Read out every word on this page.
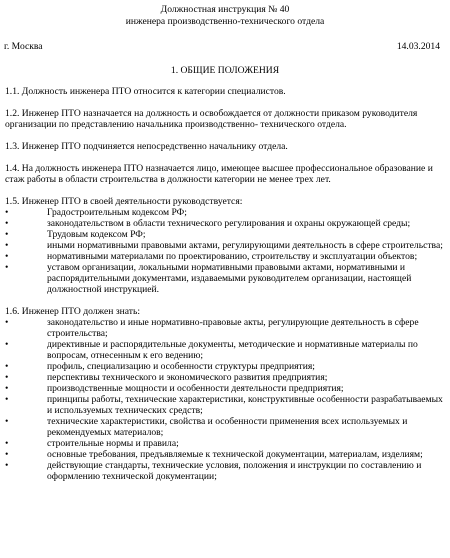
Должностная инструкция № 40
инженера производственно-технического отдела
г. Москва	14.03.2014
1. ОБЩИЕ ПОЛОЖЕНИЯ
1.1. Должность инженера ПТО относится к категории специалистов.
1.2. Инженер ПТО назначается на должность и освобождается от должности приказом руководителя организации по представлению начальника производственно- технического отдела.
1.3. Инженер ПТО подчиняется непосредственно начальнику отдела.
1.4. На должность инженера ПТО назначается лицо, имеющее высшее профессиональное образование и стаж работы в области строительства в должности категории не менее трех лет.
1.5. Инженер ПТО в своей деятельности руководствуется:
•	Градостроительным кодексом РФ;
•	законодательством в области технического регулирования и охраны окружающей среды;
•	Трудовым кодексом РФ;
•	иными нормативными правовыми актами, регулирующими деятельность в сфере строительства;
•	нормативными материалами по проектированию, строительству и эксплуатации объектов;
•	уставом организации, локальными нормативными правовыми актами, нормативными и распорядительными документами, издаваемыми руководителем организации, настоящей должностной инструкцией.
1.6. Инженер ПТО должен знать:
•	законодательство и иные нормативно-правовые акты, регулирующие деятельность в сфере строительства;
•	директивные и распорядительные документы, методические и нормативные материалы по вопросам, отнесенным к его ведению;
•	профиль, специализацию и особенности структуры предприятия;
•	перспективы технического и экономического развития предприятия;
•	производственные мощности и особенности деятельности предприятия;
•	принципы работы, технические характеристики, конструктивные особенности разрабатываемых и используемых технических средств;
•	технические характеристики, свойства и особенности применения всех используемых и рекомендуемых материалов;
•	строительные нормы и правила;
•	основные требования, предъявляемые к технической документации, материалам, изделиям;
•	действующие стандарты, технические условия, положения и инструкции по составлению и оформлению технической документации;
